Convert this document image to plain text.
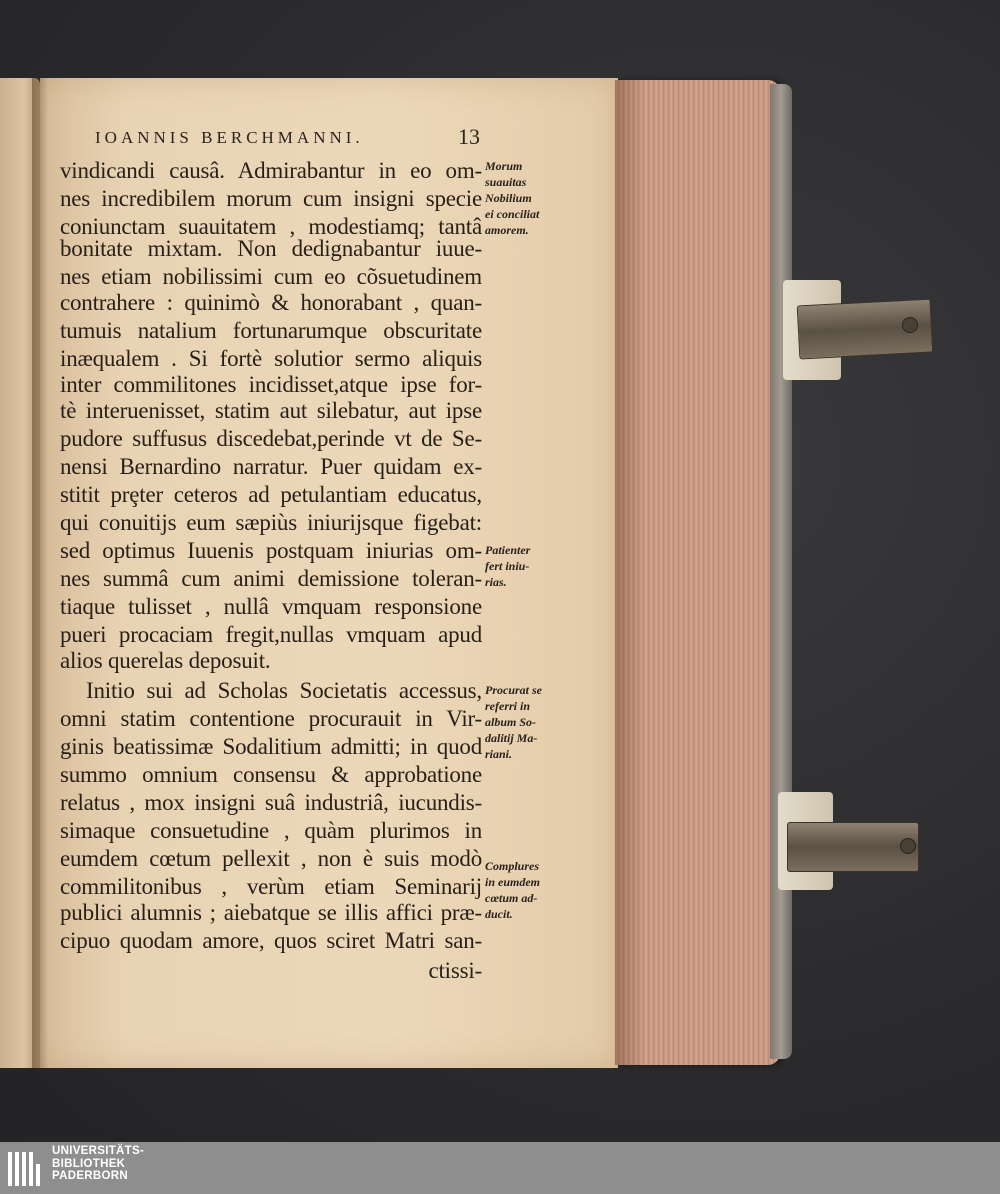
IOANNIS BERCHMANNI.	13
vindicandi causâ. Admirabantur in eo om-
nes incredibilem morum cum insigni specie
coniunctam suauitatem , modestiamq; tantâ
bonitate mixtam. Non dedignabantur iuue-
nes etiam nobilissimi cum eo cõsuetudinem
contrahere : quinimò & honorabant , quan-
tumuis natalium fortunarumque obscuritate
inæqualem . Si fortè solutior sermo aliquis
inter commilitones incidisset,atque ipse for-
tè interuenisset, statim aut silebatur, aut ipse
pudore suffusus discedebat,perinde vt de Se-
nensi Bernardino narratur. Puer quidam ex-
stitit prȩter ceteros ad petulantiam educatus,
qui conuitijs eum sæpiùs iniurijsque figebat:
sed optimus Iuuenis postquam iniurias om-
nes summâ cum animi demissione toleran-
tiaque tulisset , nullâ vmquam responsione
pueri procaciam fregit,nullas vmquam apud
alios querelas deposuit.
Initio sui ad Scholas Societatis accessus,
omni statim contentione procurauit in Vir-
ginis beatissimæ Sodalitium admitti; in quod
summo omnium consensu & approbatione
relatus , mox insigni suâ industriâ, iucundis-
simaque consuetudine , quàm plurimos in
eumdem cœtum pellexit , non è suis modò
commilitonibus , verùm etiam Seminarij
publici alumnis ; aiebatque se illis affici præ-
cipuo quodam amore, quos sciret Matri san-
ctissi-
Morum
suauitas
Nobilium
ei conciliat
amorem.
Patienter
fert iniu-
rias.
Procurat se
referri in
album So-
dalitij Ma-
riani.
Complures
in eumdem
cœtum ad-
ducit.
UNIVERSITÄTS-
BIBLIOTHEK
PADERBORN
